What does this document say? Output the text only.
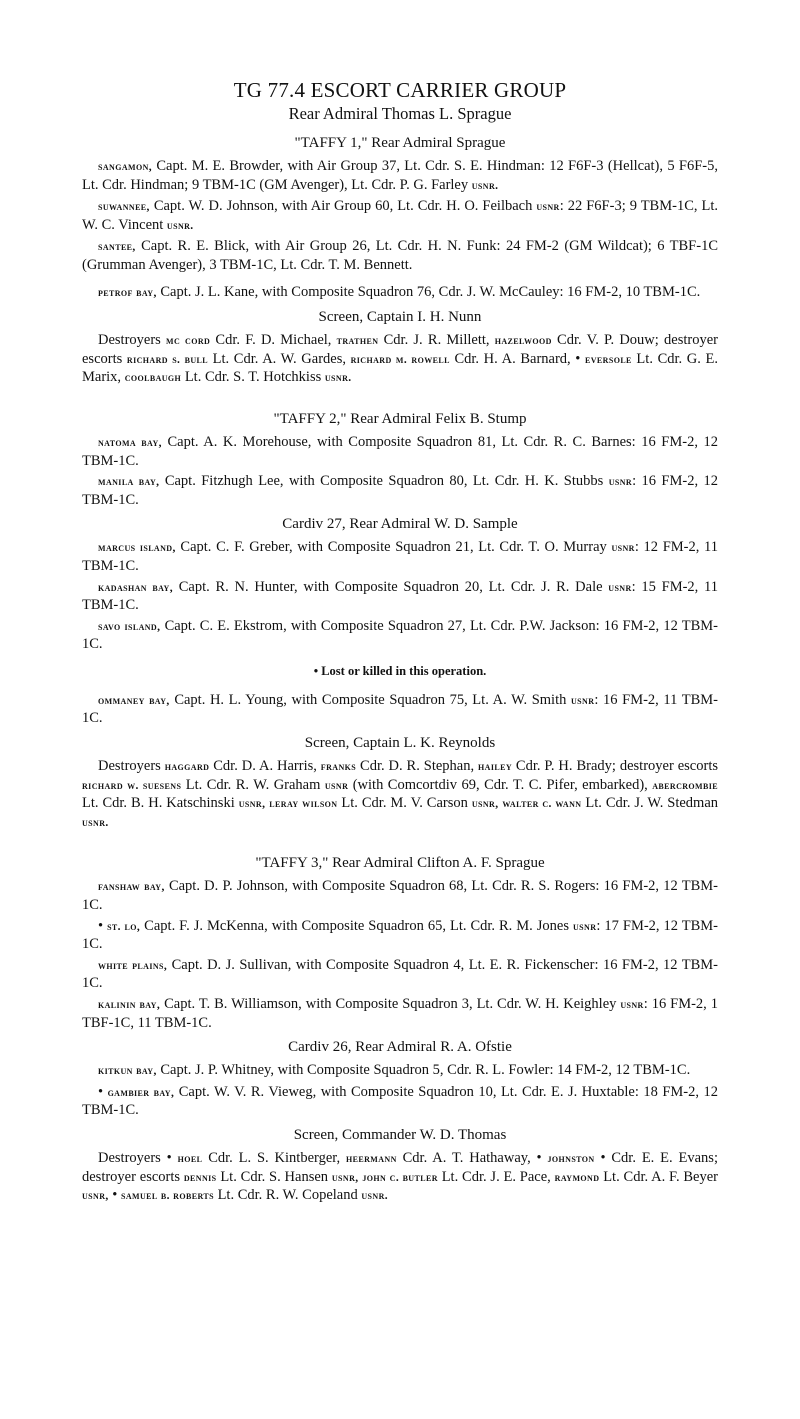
TG 77.4 ESCORT CARRIER GROUP
Rear Admiral Thomas L. Sprague
"TAFFY 1," Rear Admiral Sprague

sangamon, Capt. M. E. Browder, with Air Group 37, Lt. Cdr. S. E. Hindman: 12 F6F-3 (Hellcat), 5 F6F-5, Lt. Cdr. Hindman; 9 TBM-1C (GM Avenger), Lt. Cdr. P. G. Farley usnr.

suwannee, Capt. W. D. Johnson, with Air Group 60, Lt. Cdr. H. O. Feilbach usnr: 22 F6F-3; 9 TBM-1C, Lt. W. C. Vincent usnr.

santee, Capt. R. E. Blick, with Air Group 26, Lt. Cdr. H. N. Funk: 24 FM-2 (GM Wildcat); 6 TBF-1C (Grumman Avenger), 3 TBM-1C, Lt. Cdr. T. M. Bennett.

petrof bay, Capt. J. L. Kane, with Composite Squadron 76, Cdr. J. W. McCauley: 16 FM-2, 10 TBM-1C.

Screen, Captain I. H. Nunn

Destroyers mc cord Cdr. F. D. Michael, trathen Cdr. J. R. Millett, hazelwood Cdr. V. P. Douw; destroyer escorts richard s. bull Lt. Cdr. A. W. Gardes, richard m. rowell Cdr. H. A. Barnard, • eversole Lt. Cdr. G. E. Marix, coolbaugh Lt. Cdr. S. T. Hotchkiss usnr.

"TAFFY 2," Rear Admiral Felix B. Stump

natoma bay, Capt. A. K. Morehouse, with Composite Squadron 81, Lt. Cdr. R. C. Barnes: 16 FM-2, 12 TBM-1C.

manila bay, Capt. Fitzhugh Lee, with Composite Squadron 80, Lt. Cdr. H. K. Stubbs usnr: 16 FM-2, 12 TBM-1C.

Cardiv 27, Rear Admiral W. D. Sample

marcus island, Capt. C. F. Greber, with Composite Squadron 21, Lt. Cdr. T. O. Murray usnr: 12 FM-2, 11 TBM-1C.

kadashan bay, Capt. R. N. Hunter, with Composite Squadron 20, Lt. Cdr. J. R. Dale usnr: 15 FM-2, 11 TBM-1C.

savo island, Capt. C. E. Ekstrom, with Composite Squadron 27, Lt. Cdr. P.W. Jackson: 16 FM-2, 12 TBM-1C.

• Lost or killed in this operation.

ommaney bay, Capt. H. L. Young, with Composite Squadron 75, Lt. A. W. Smith usnr: 16 FM-2, 11 TBM-1C.

Screen, Captain L. K. Reynolds

Destroyers haggard Cdr. D. A. Harris, franks Cdr. D. R. Stephan, hailey Cdr. P. H. Brady; destroyer escorts richard w. suesens Lt. Cdr. R. W. Graham usnr (with Comcortdiv 69, Cdr. T. C. Pifer, embarked), abercrombie Lt. Cdr. B. H. Katschinski usnr, leray wilson Lt. Cdr. M. V. Carson usnr, walter c. wann Lt. Cdr. J. W. Stedman usnr.

"TAFFY 3," Rear Admiral Clifton A. F. Sprague

fanshaw bay, Capt. D. P. Johnson, with Composite Squadron 68, Lt. Cdr. R. S. Rogers: 16 FM-2, 12 TBM-1C.

• st. lo, Capt. F. J. McKenna, with Composite Squadron 65, Lt. Cdr. R. M. Jones usnr: 17 FM-2, 12 TBM-1C.

white plains, Capt. D. J. Sullivan, with Composite Squadron 4, Lt. E. R. Fickenscher: 16 FM-2, 12 TBM-1C.

kalinin bay, Capt. T. B. Williamson, with Composite Squadron 3, Lt. Cdr. W. H. Keighley usnr: 16 FM-2, 1 TBF-1C, 11 TBM-1C.

Cardiv 26, Rear Admiral R. A. Ofstie

kitkun bay, Capt. J. P. Whitney, with Composite Squadron 5, Cdr. R. L. Fowler: 14 FM-2, 12 TBM-1C.

• gambier bay, Capt. W. V. R. Vieweg, with Composite Squadron 10, Lt. Cdr. E. J. Huxtable: 18 FM-2, 12 TBM-1C.

Screen, Commander W. D. Thomas

Destroyers • hoel Cdr. L. S. Kintberger, heermann Cdr. A. T. Hathaway, • johnston • Cdr. E. E. Evans; destroyer escorts dennis Lt. Cdr. S. Hansen usnr, john c. butler Lt. Cdr. J. E. Pace, raymond Lt. Cdr. A. F. Beyer usnr, • samuel b. roberts Lt. Cdr. R. W. Copeland usnr.
